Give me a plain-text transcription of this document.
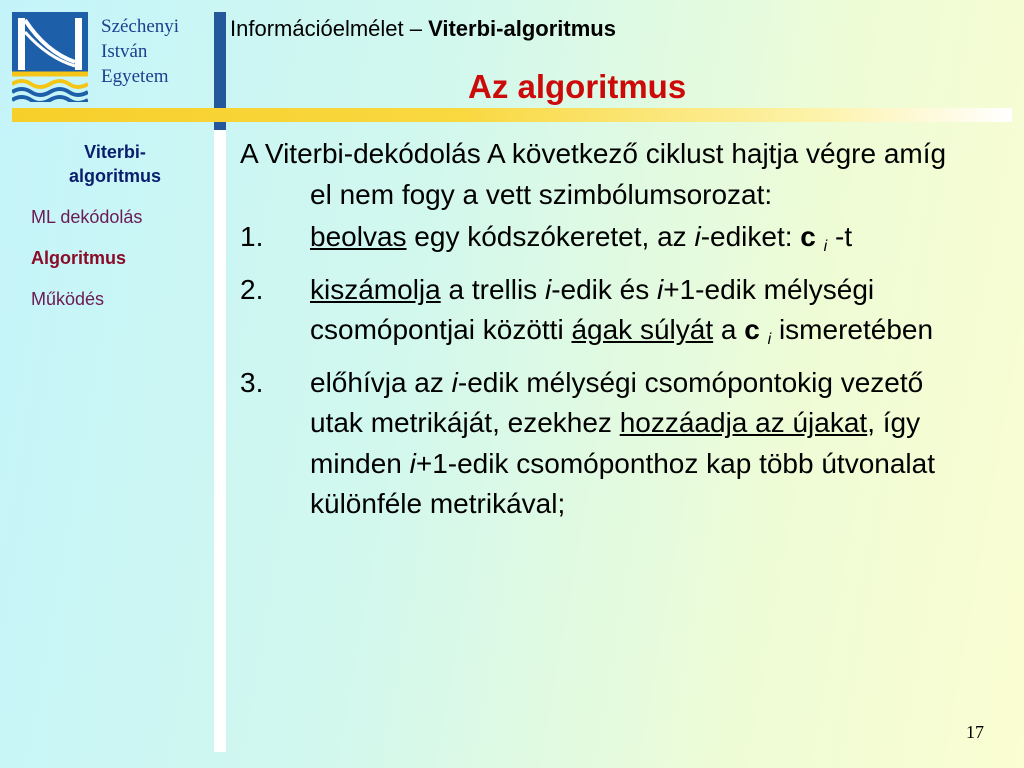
Széchenyi
István
Egyetem
Információelmélet – Viterbi-algoritmus
Az algoritmus
Viterbi-
algoritmus
ML dekódolás
Algoritmus
Működés

A Viterbi-dekódolás A következő ciklust hajtja végre amíg el nem fogy a vett szimbólumsorozat:

1. beolvas egy kódszókeretet, az i-ediket: c $_i$ -t
2. kiszámolja a trellis i-edik és i+1-edik mélységi csomópontjai közötti ágak súlyát a c $_i$ ismeretében
3. előhívja az i-edik mélységi csomópontokig vezető utak metrikáját, ezekhez hozzáadja az újakat, így minden i+1-edik csomóponthoz kap több útvonalat különféle metrikával;
17
